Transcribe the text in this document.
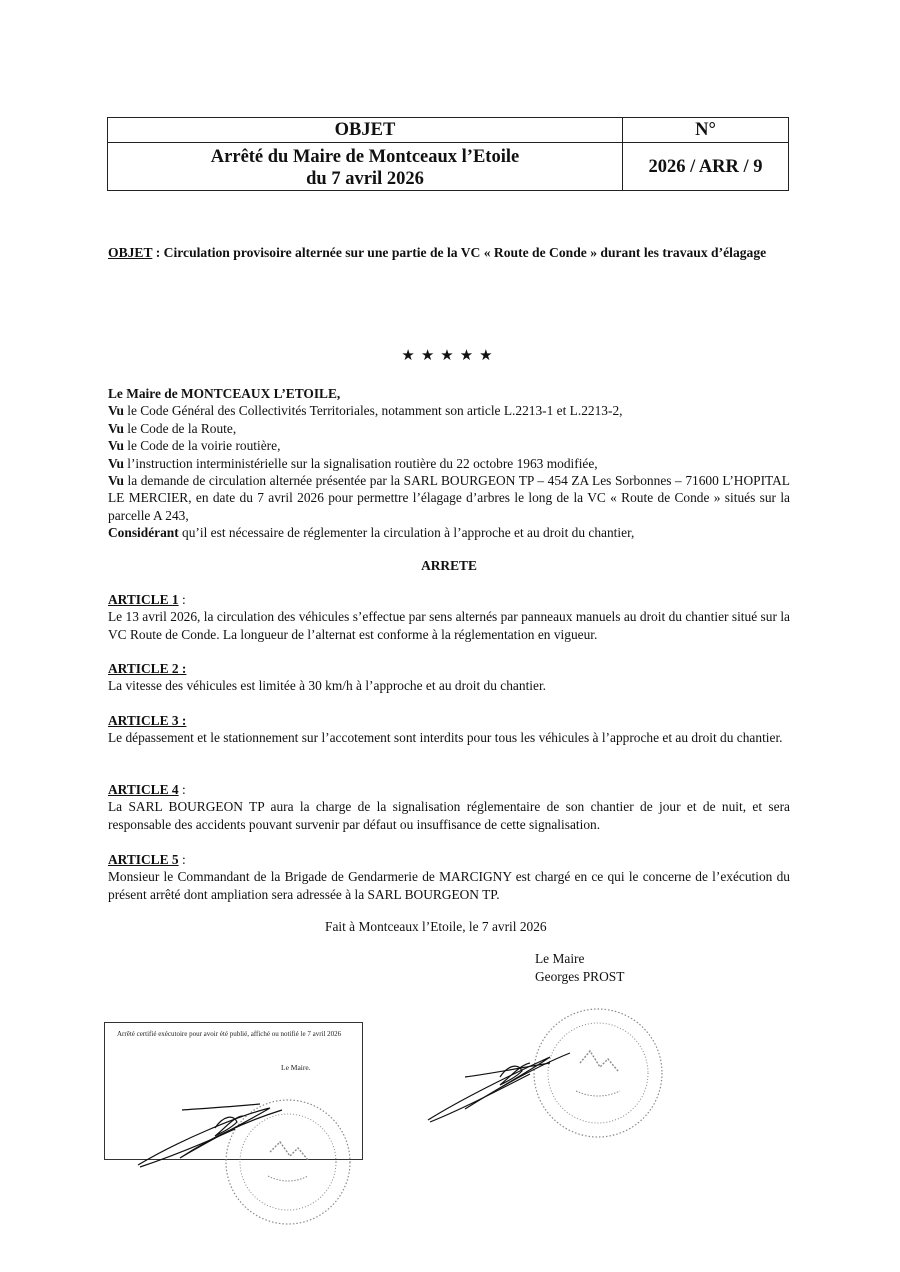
OBJET
Arrêté du Maire de Montceaux l’Etoile
du 7 avril 2026
N°
2026 / ARR / 9
OBJET : Circulation provisoire alternée sur une partie de la VC « Route de Conde » durant les travaux d’élagage
★★★★★

Le Maire de MONTCEAUX L’ETOILE,

Vu le Code Général des Collectivités Territoriales, notamment son article L.2213-1 et L.2213-2,

Vu le Code de la Route,

Vu le Code de la voirie routière,

Vu l’instruction interministérielle sur la signalisation routière du 22 octobre 1963 modifiée,

Vu la demande de circulation alternée présentée par la SARL BOURGEON TP – 454 ZA Les Sorbonnes – 71600 L’HOPITAL LE MERCIER, en date du 7 avril 2026 pour permettre l’élagage d’arbres le long de la VC « Route de Conde » situés sur la parcelle A 243,

Considérant qu’il est nécessaire de réglementer la circulation à l’approche et au droit du chantier,

ARRETE

ARTICLE 1 :

Le 13 avril 2026, la circulation des véhicules s’effectue par sens alternés par panneaux manuels au droit du chantier situé sur la VC Route de Conde. La longueur de l’alternat est conforme à la réglementation en vigueur.

ARTICLE 2 :

La vitesse des véhicules est limitée à 30 km/h à l’approche et au droit du chantier.

ARTICLE 3 :

Le dépassement et le stationnement sur l’accotement sont interdits pour tous les véhicules à l’approche et au droit du chantier.

ARTICLE 4 :

La SARL BOURGEON TP aura la charge de la signalisation réglementaire de son chantier de jour et de nuit, et sera responsable des accidents pouvant survenir par défaut ou insuffisance de cette signalisation.

ARTICLE 5 :

Monsieur le Commandant de la Brigade de Gendarmerie de MARCIGNY est chargé en ce qui le concerne de l’exécution du présent arrêté dont ampliation sera adressée à la SARL BOURGEON TP.

Fait à Montceaux l’Etoile, le 7 avril 2026
Le Maire
Georges PROST
Arrêté certifié exécutoire pour avoir été publié, affiché ou notifié le 7 avril 2026
Le Maire.
